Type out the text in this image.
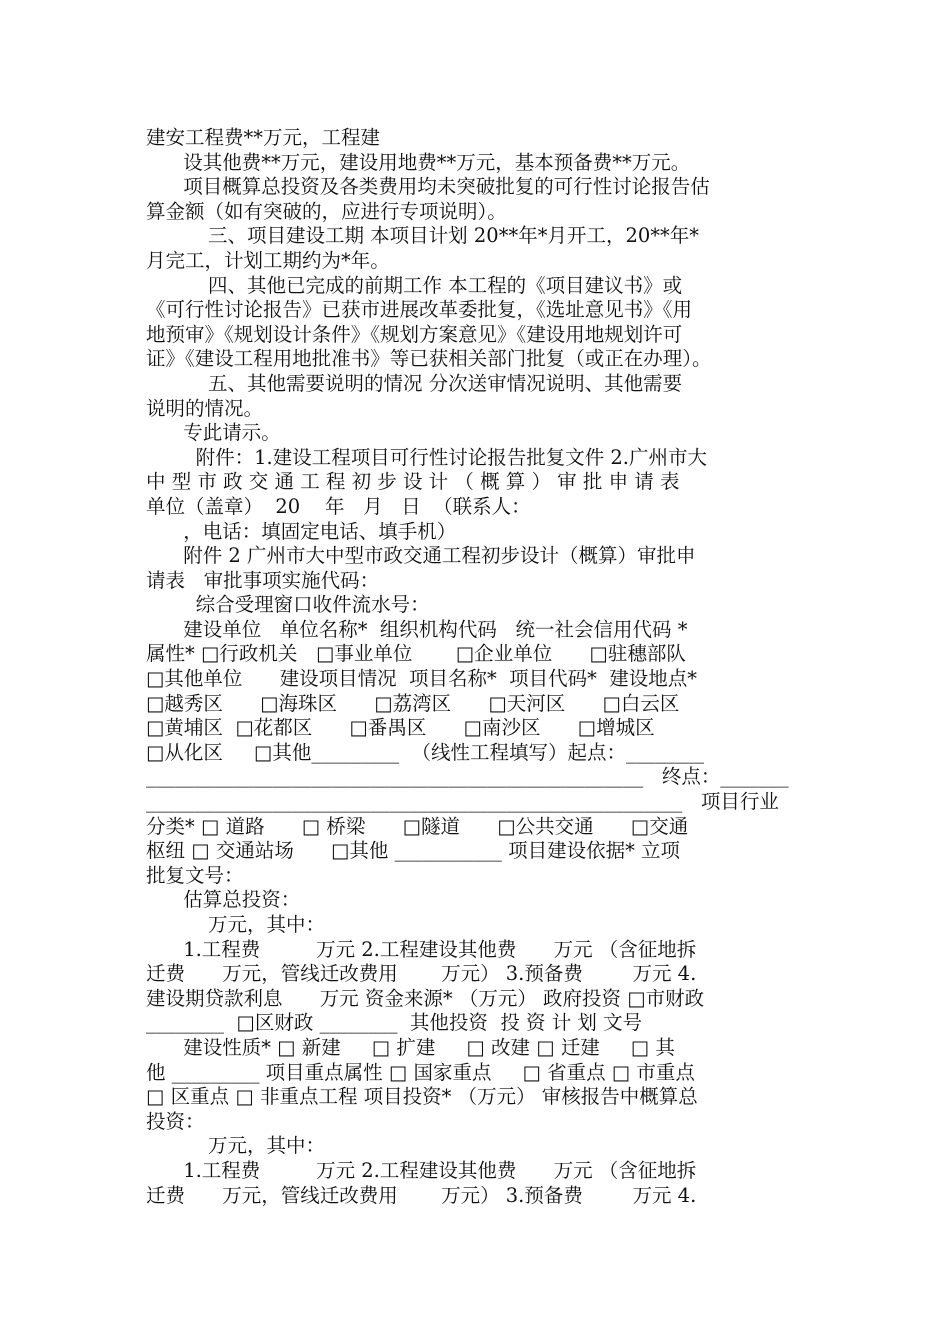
建安工程费**万元，工程建
设其他费**万元，建设用地费**万元，基本预备费**万元。
项目概算总投资及各类费用均未突破批复的可行性讨论报告估
算金额（如有突破的，应进行专项说明）。
三、项目建设工期 本项目计划 20**年*月开工，20**年*
月完工，计划工期约为*年。
四、其他已完成的前期工作 本工程的《项目建议书》或
《可行性讨论报告》已获市进展改革委批复，《选址意见书》《用
地预审》《规划设计条件》《规划方案意见》《建设用地规划许可
证》《建设工程用地批准书》等已获相关部门批复（或正在办理）。
五、其他需要说明的情况 分次送审情况说明、其他需要
说明的情况。
专此请示。
附件：1.建设工程项目可行性讨论报告批复文件 2.广州市大
中 型 市 政 交 通 工 程 初 步 设 计 （ 概 算 ） 审 批 申 请 表
单位（盖章）  20    年   月   日  （联系人：
，电话：填固定电话、填手机）
附件 2 广州市大中型市政交通工程初步设计（概算）审批申
请表   审批事项实施代码：
综合受理窗口收件流水号：
建设单位   单位名称*  组织机构代码   统一社会信用代码 *
属性* □行政机关   □事业单位       □企业单位      □驻穗部队
□其他单位      建设项目情况  项目名称*  项目代码*  建设地点*
□越秀区      □海珠区      □荔湾区      □天河区      □白云区
□黄埔区  □花都区      □番禺区      □南沙区      □增城区
□从化区     □其他_________  （线性工程填写）起点：________
___________________________________________________   终点：_______
_______________________________________________________   项目行业
分类* □ 道路      □ 桥梁      □隧道      □公共交通      □交通
枢纽 □ 交通站场      □其他 ___________ 项目建设依据* 立项
批复文号：
估算总投资：
万元，其中：
1.工程费         万元 2.工程建设其他费      万元 （含征地拆
迁费      万元，管线迁改费用       万元） 3.预备费        万元 4.
建设期贷款利息      万元 资金来源* （万元） 政府投资 □市财政
________  □区财政 ________  其他投资  投 资 计 划 文号
建设性质* □ 新建     □ 扩建     □ 改建 □ 迁建     □ 其
他 _________ 项目重点属性 □ 国家重点     □ 省重点 □ 市重点
□ 区重点 □ 非重点工程 项目投资* （万元） 审核报告中概算总
投资：
万元，其中：
1.工程费         万元 2.工程建设其他费      万元 （含征地拆
迁费      万元，管线迁改费用       万元） 3.预备费        万元 4.
